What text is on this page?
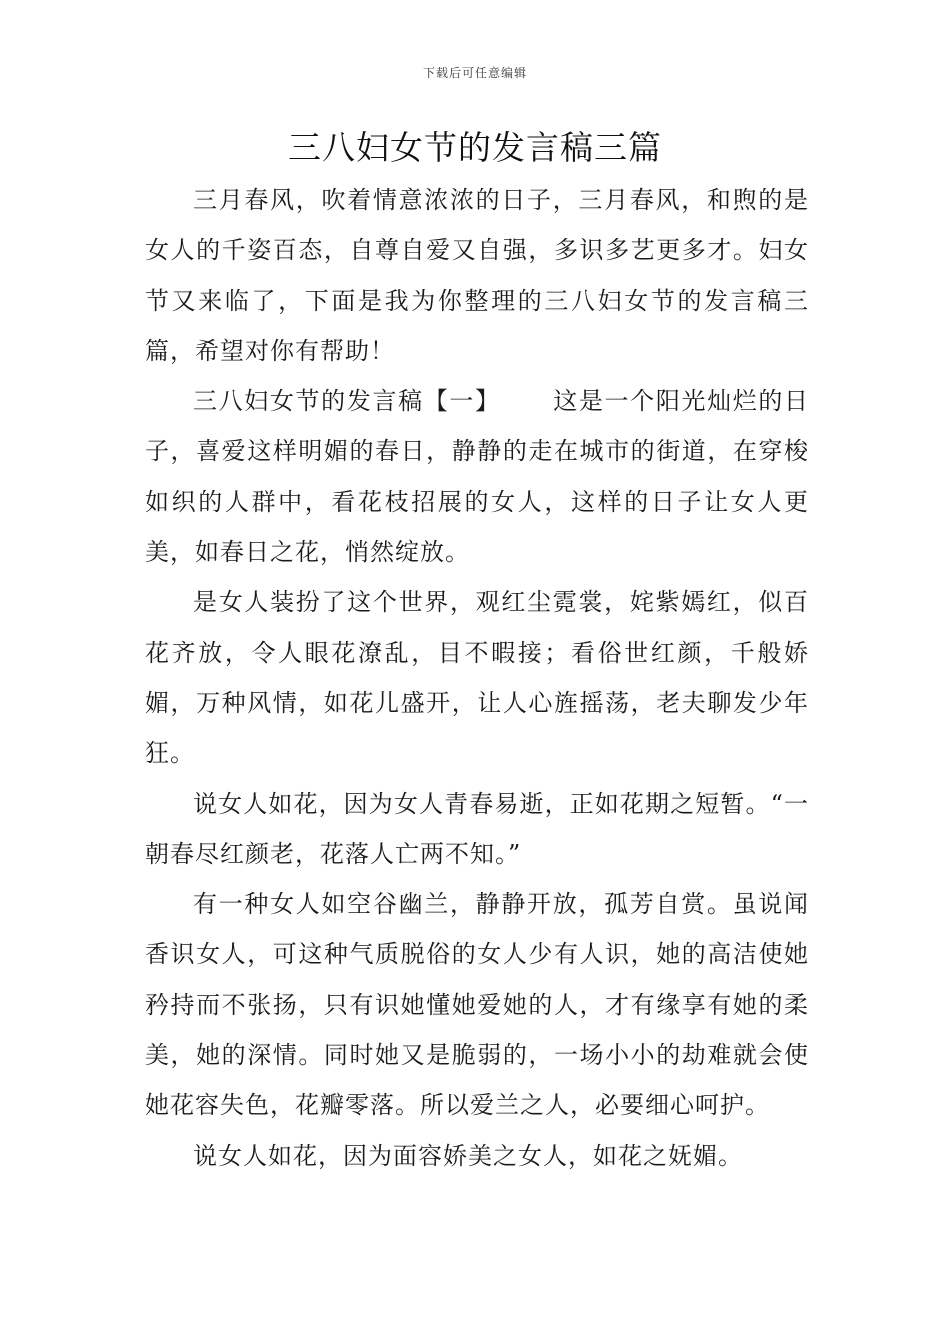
下载后可任意编辑
三八妇女节的发言稿三篇

三月春风，吹着情意浓浓的日子，三月春风，和煦的是女人的千姿百态，自尊自爱又自强，多识多艺更多才。妇女节又来临了，下面是我为你整理的三八妇女节的发言稿三篇，希望对你有帮助！

三八妇女节的发言稿【一】 这是一个阳光灿烂的日子，喜爱这样明媚的春日，静静的走在城市的街道，在穿梭如织的人群中，看花枝招展的女人，这样的日子让女人更美，如春日之花，悄然绽放。

是女人装扮了这个世界，观红尘霓裳，姹紫嫣红，似百花齐放，令人眼花潦乱，目不暇接；看俗世红颜，千般娇媚，万种风情，如花儿盛开，让人心旌摇荡，老夫聊发少年狂。

说女人如花，因为女人青春易逝，正如花期之短暂。“一朝春尽红颜老，花落人亡两不知。”

有一种女人如空谷幽兰，静静开放，孤芳自赏。虽说闻香识女人，可这种气质脱俗的女人少有人识，她的高洁使她矜持而不张扬，只有识她懂她爱她的人，才有缘享有她的柔美，她的深情。同时她又是脆弱的，一场小小的劫难就会使她花容失色，花瓣零落。所以爱兰之人，必要细心呵护。

说女人如花，因为面容娇美之女人，如花之妩媚。
